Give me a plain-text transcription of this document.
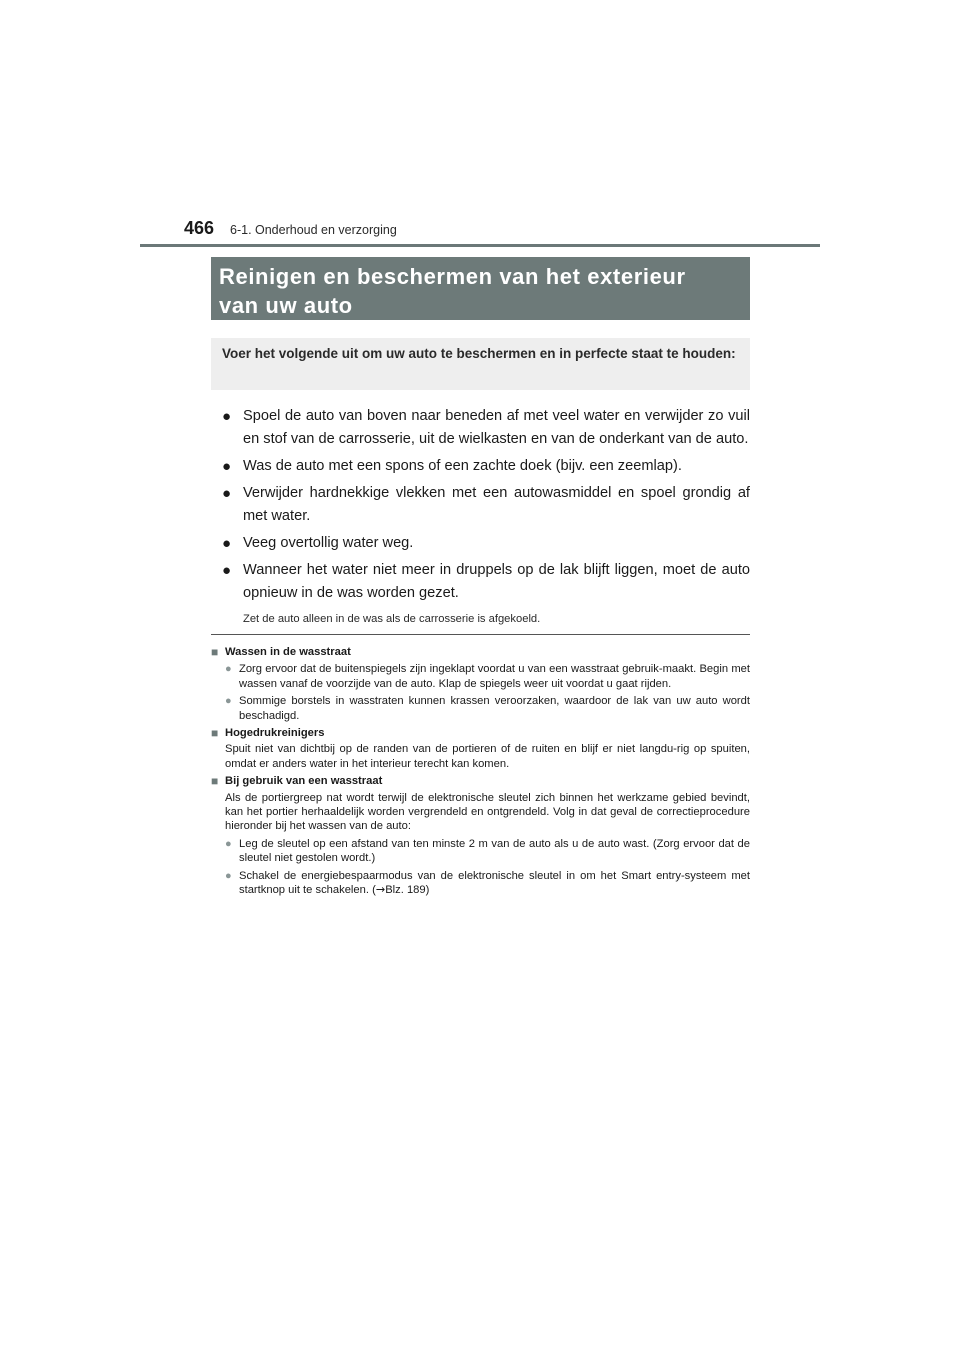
466 6-1. Onderhoud en verzorging
Reinigen en beschermen van het exterieur
van uw auto
Voer het volgende uit om uw auto te beschermen en in perfecte staat te houden:
● Spoel de auto van boven naar beneden af met veel water en verwijder zo vuil en stof van de carrosserie, uit de wielkasten en van de onderkant van de auto.
● Was de auto met een spons of een zachte doek (bijv. een zeemlap).
● Verwijder hardnekkige vlekken met een autowasmiddel en spoel grondig af met water.
● Veeg overtollig water weg.
● Wanneer het water niet meer in druppels op de lak blijft liggen, moet de auto opnieuw in de was worden gezet.
Zet de auto alleen in de was als de carrosserie is afgekoeld.
■ Wassen in de wasstraat
● Zorg ervoor dat de buitenspiegels zijn ingeklapt voordat u van een wasstraat gebruik-maakt. Begin met wassen vanaf de voorzijde van de auto. Klap de spiegels weer uit voordat u gaat rijden.
● Sommige borstels in wasstraten kunnen krassen veroorzaken, waardoor de lak van uw auto wordt beschadigd.
■ Hogedrukreinigers
Spuit niet van dichtbij op de randen van de portieren of de ruiten en blijf er niet langdu-rig op spuiten, omdat er anders water in het interieur terecht kan komen.
■ Bij gebruik van een wasstraat
Als de portiergreep nat wordt terwijl de elektronische sleutel zich binnen het werkzame gebied bevindt, kan het portier herhaaldelijk worden vergrendeld en ontgrendeld. Volg in dat geval de correctieprocedure hieronder bij het wassen van de auto:
● Leg de sleutel op een afstand van ten minste 2 m van de auto als u de auto wast. (Zorg ervoor dat de sleutel niet gestolen wordt.)
● Schakel de energiebespaarmodus van de elektronische sleutel in om het Smart entry-systeem met startknop uit te schakelen. (→Blz. 189)
